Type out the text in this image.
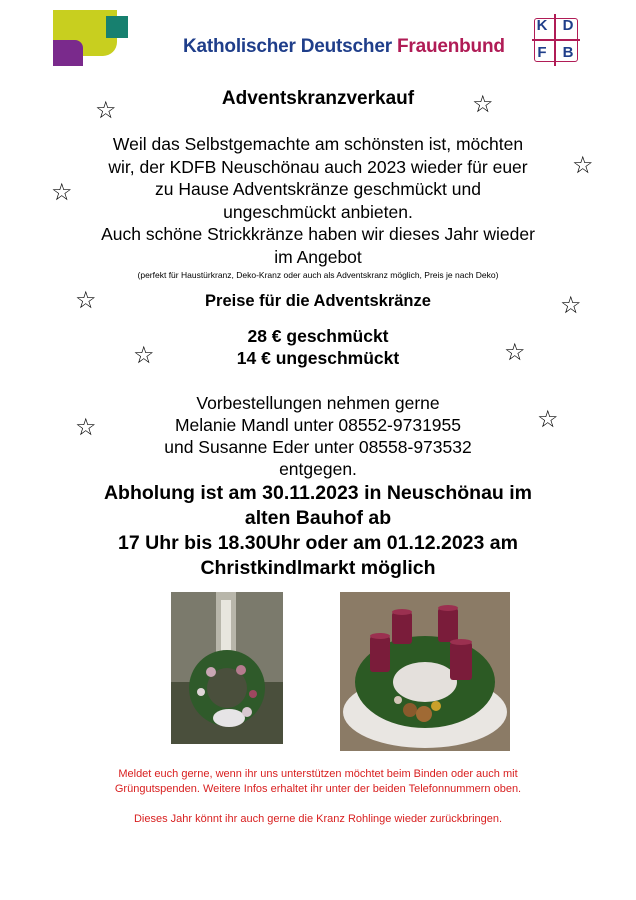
Katholischer Deutscher Frauenbund
K	D
F	B
☆	☆
☆
☆
☆	☆
☆	☆
☆	☆
Adventskranzverkauf
Weil das Selbstgemachte am schönsten ist, möchten
wir, der KDFB Neuschönau auch 2023 wieder für euer
zu Hause Adventskränze geschmückt und
ungeschmückt anbieten.
Auch schöne Strickkränze haben wir dieses Jahr wieder
im Angebot
(perfekt für Haustürkranz, Deko-Kranz oder auch als Adventskranz möglich, Preis je nach Deko)
Preise für die Adventskränze
28 € geschmückt
14 € ungeschmückt
Vorbestellungen nehmen gerne
Melanie Mandl unter 08552-9731955
und Susanne Eder unter 08558-973532
entgegen.
Abholung ist am 30.11.2023 in Neuschönau im
alten Bauhof ab
17 Uhr bis 18.30Uhr oder am 01.12.2023 am
Christkindlmarkt möglich
Meldet euch gerne, wenn ihr uns unterstützen möchtet beim Binden oder auch mit
Grüngutspenden. Weitere Infos erhaltet ihr unter der beiden Telefonnummern oben.
Dieses Jahr könnt ihr auch gerne die Kranz Rohlinge wieder zurückbringen.
